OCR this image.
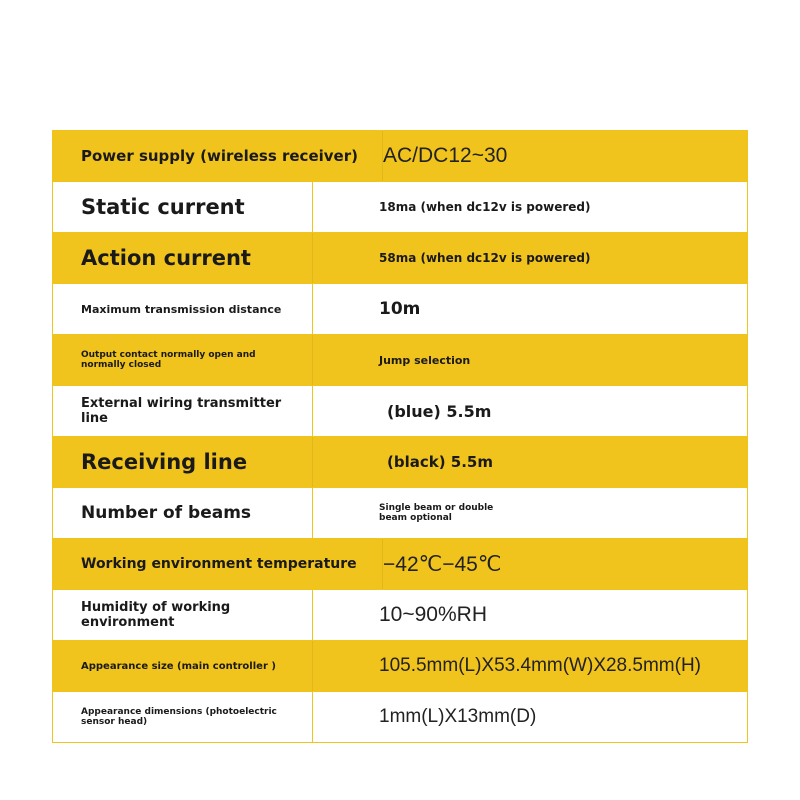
Power supply (wireless receiver)	AC/DC12~30
Static current	18ma (when dc12v is powered)
Action current	58ma (when dc12v is powered)
Maximum transmission distance	10m
Output contact normally open and normally closed	Jump selection
External wiring transmitter line	(blue) 5.5m
Receiving line	(black) 5.5m
Number of beams	Single beam or double beam optional
Working environment temperature	−42℃−45℃
Humidity of working environment	10~90%RH
Appearance size (main controller )	105.5mm(L)X53.4mm(W)X28.5mm(H)
Appearance dimensions (photoelectric sensor head)	1mm(L)X13mm(D)
